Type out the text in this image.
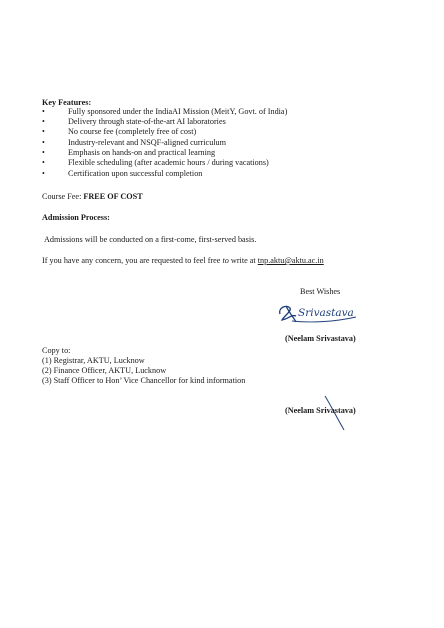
Key Features:
•	Fully sponsored under the IndiaAI Mission (MeitY, Govt. of India)
•	Delivery through state-of-the-art AI laboratories
•	No course fee (completely free of cost)
•	Industry-relevant and NSQF-aligned curriculum
•	Emphasis on hands-on and practical learning
•	Flexible scheduling (after academic hours / during vacations)
•	Certification upon successful completion
Course Fee: FREE OF COST
Admission Process:
Admissions will be conducted on a first-come, first-served basis.
If you have any concern, you are requested to feel free to write at tnp.aktu@aktu.ac.in
Best Wishes
Srivastava
(Neelam Srivastava)
Copy to:
(1) Registrar, AKTU, Lucknow
(2) Finance Officer, AKTU, Lucknow
(3) Staff Officer to Hon’ Vice Chancellor for kind information
(Neelam Srivastava)
